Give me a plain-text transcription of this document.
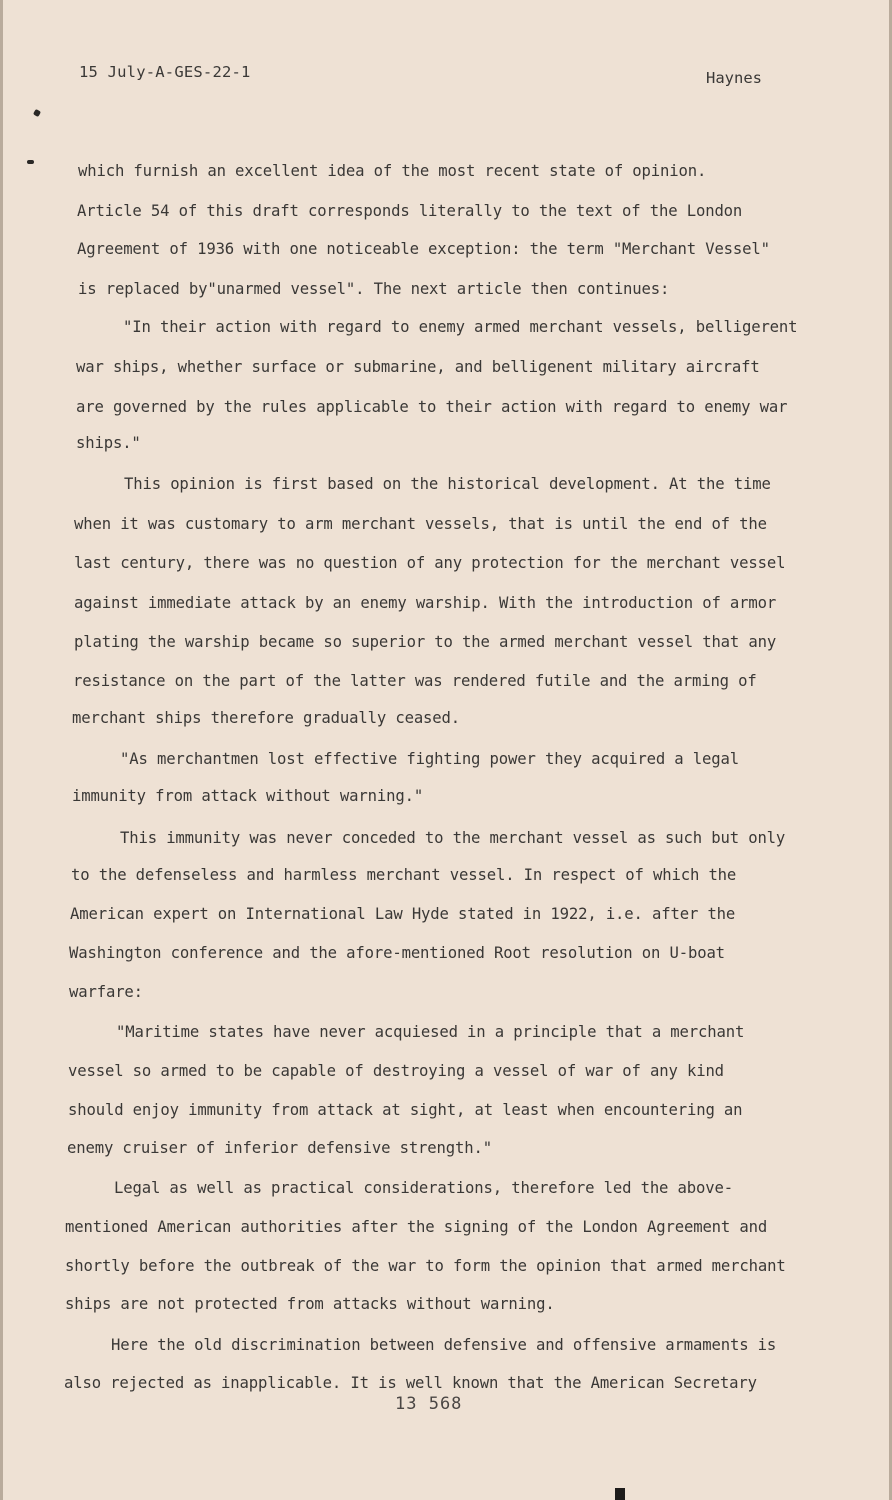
15 July-A-GES-22-1	Haynes
which furnish an excellent idea of the most recent state of opinion.
Article 54 of this draft corresponds literally to the text of the London
Agreement of 1936 with one noticeable exception: the term "Merchant Vessel"
is replaced by"unarmed vessel". The next article then continues:
"In their action with regard to enemy armed merchant vessels, belligerent
war ships, whether surface or submarine, and belligenent military aircraft
are governed by the rules applicable to their action with regard to enemy war
ships."
This opinion is first based on the historical development. At the time
when it was customary to arm merchant vessels, that is until the end of the
last century, there was no question of any protection for the merchant vessel
against immediate attack by an enemy warship. With the introduction of armor
plating the warship became so superior to the armed merchant vessel that any
resistance on the part of the latter was rendered futile and the arming of
merchant ships therefore gradually ceased.
"As merchantmen lost effective fighting power they acquired a legal
immunity from attack without warning."
This immunity was never conceded to the merchant vessel as such but only
to the defenseless and harmless merchant vessel. In respect of which the
American expert on International Law Hyde stated in 1922, i.e. after the
Washington conference and the afore-mentioned Root resolution on U-boat
warfare:
"Maritime states have never acquiesed in a principle that a merchant
vessel so armed to be capable of destroying a vessel of war of any kind
should enjoy immunity from attack at sight, at least when encountering an
enemy cruiser of inferior defensive strength."
Legal as well as practical considerations, therefore led the above-
mentioned American authorities after the signing of the London Agreement and
shortly before the outbreak of the war to form the opinion that armed merchant
ships are not protected from attacks without warning.
Here the old discrimination between defensive and offensive armaments is
also rejected as inapplicable. It is well known that the American Secretary
13 568
